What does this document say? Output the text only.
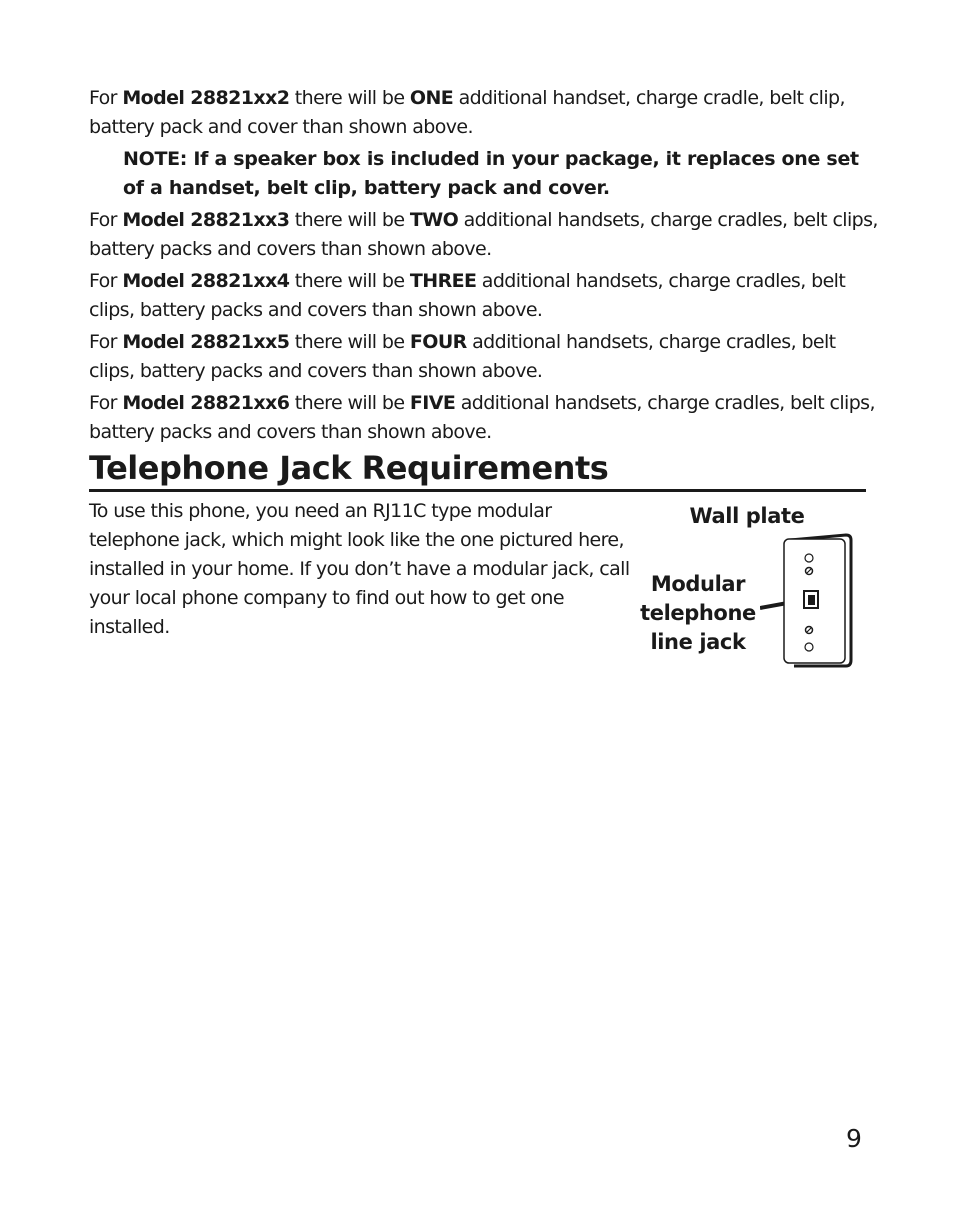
For Model 28821xx2 there will be ONE additional handset, charge cradle, belt clip, battery pack and cover than shown above.
NOTE: If a speaker box is included in your package, it replaces one set of a handset, belt clip, battery pack and cover.
For Model 28821xx3 there will be TWO additional handsets, charge cradles, belt clips, battery packs and covers than shown above.
For Model 28821xx4 there will be THREE additional handsets, charge cradles, belt clips, battery packs and covers than shown above.
For Model 28821xx5 there will be FOUR additional handsets, charge cradles, belt clips, battery packs and covers than shown above.
For Model 28821xx6 there will be FIVE additional handsets, charge cradles, belt clips, battery packs and covers than shown above.
Telephone Jack Requirements
To use this phone, you need an RJ11C type modular telephone jack, which might look like the one pictured here, installed in your home. If you don’t have a modular jack, call your local phone company to find out how to get one installed.
Wall plate
Modular telephone line jack
9
